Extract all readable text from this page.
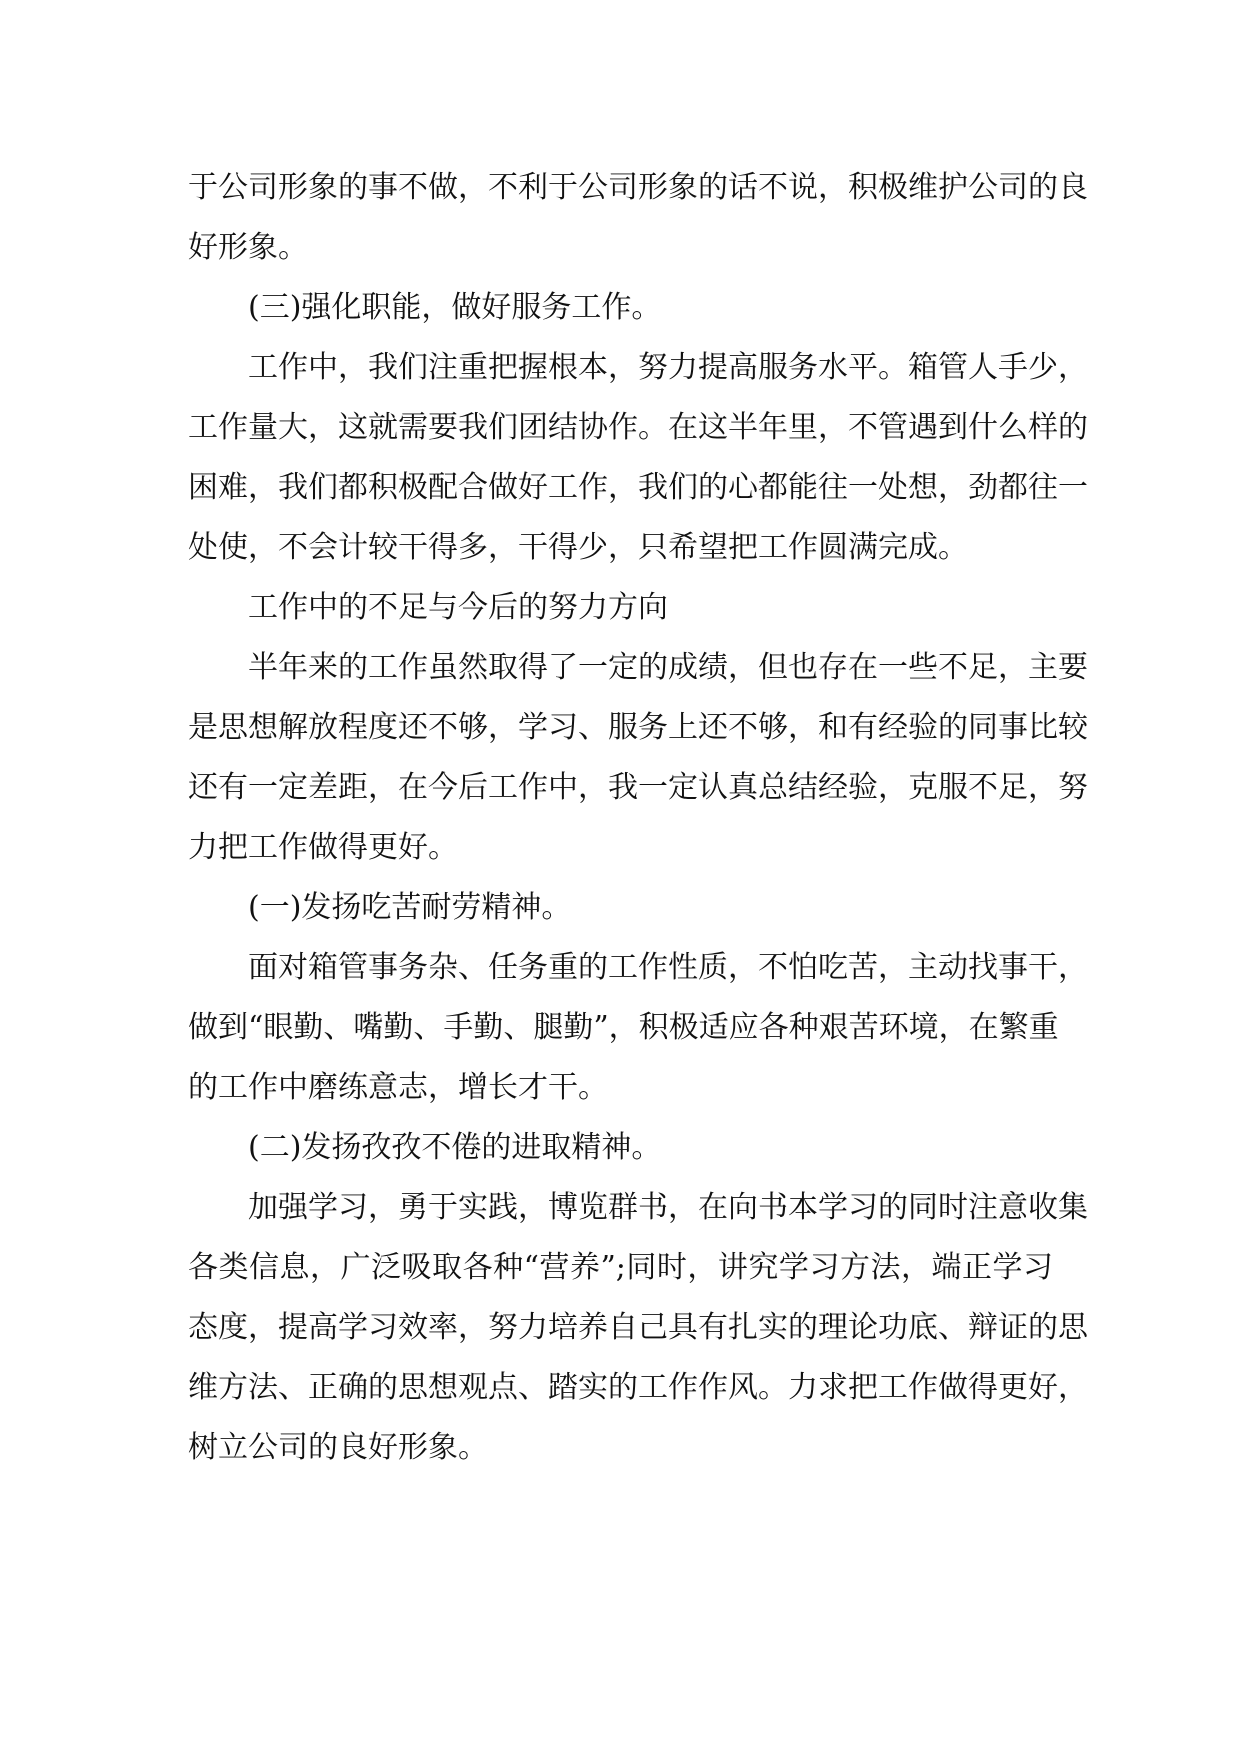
于公司形象的事不做，不利于公司形象的话不说，积极维护公司的良
好形象。
(三)强化职能，做好服务工作。
工作中，我们注重把握根本，努力提高服务水平。箱管人手少，
工作量大，这就需要我们团结协作。在这半年里，不管遇到什么样的
困难，我们都积极配合做好工作，我们的心都能往一处想，劲都往一
处使，不会计较干得多，干得少，只希望把工作圆满完成。
工作中的不足与今后的努力方向
半年来的工作虽然取得了一定的成绩，但也存在一些不足，主要
是思想解放程度还不够，学习、服务上还不够，和有经验的同事比较
还有一定差距，在今后工作中，我一定认真总结经验，克服不足，努
力把工作做得更好。
(一)发扬吃苦耐劳精神。
面对箱管事务杂、任务重的工作性质，不怕吃苦，主动找事干，
做到“眼勤、嘴勤、手勤、腿勤”，积极适应各种艰苦环境，在繁重
的工作中磨练意志，增长才干。
(二)发扬孜孜不倦的进取精神。
加强学习，勇于实践，博览群书，在向书本学习的同时注意收集
各类信息，广泛吸取各种“营养”;同时，讲究学习方法，端正学习
态度，提高学习效率，努力培养自己具有扎实的理论功底、辩证的思
维方法、正确的思想观点、踏实的工作作风。力求把工作做得更好，
树立公司的良好形象。
